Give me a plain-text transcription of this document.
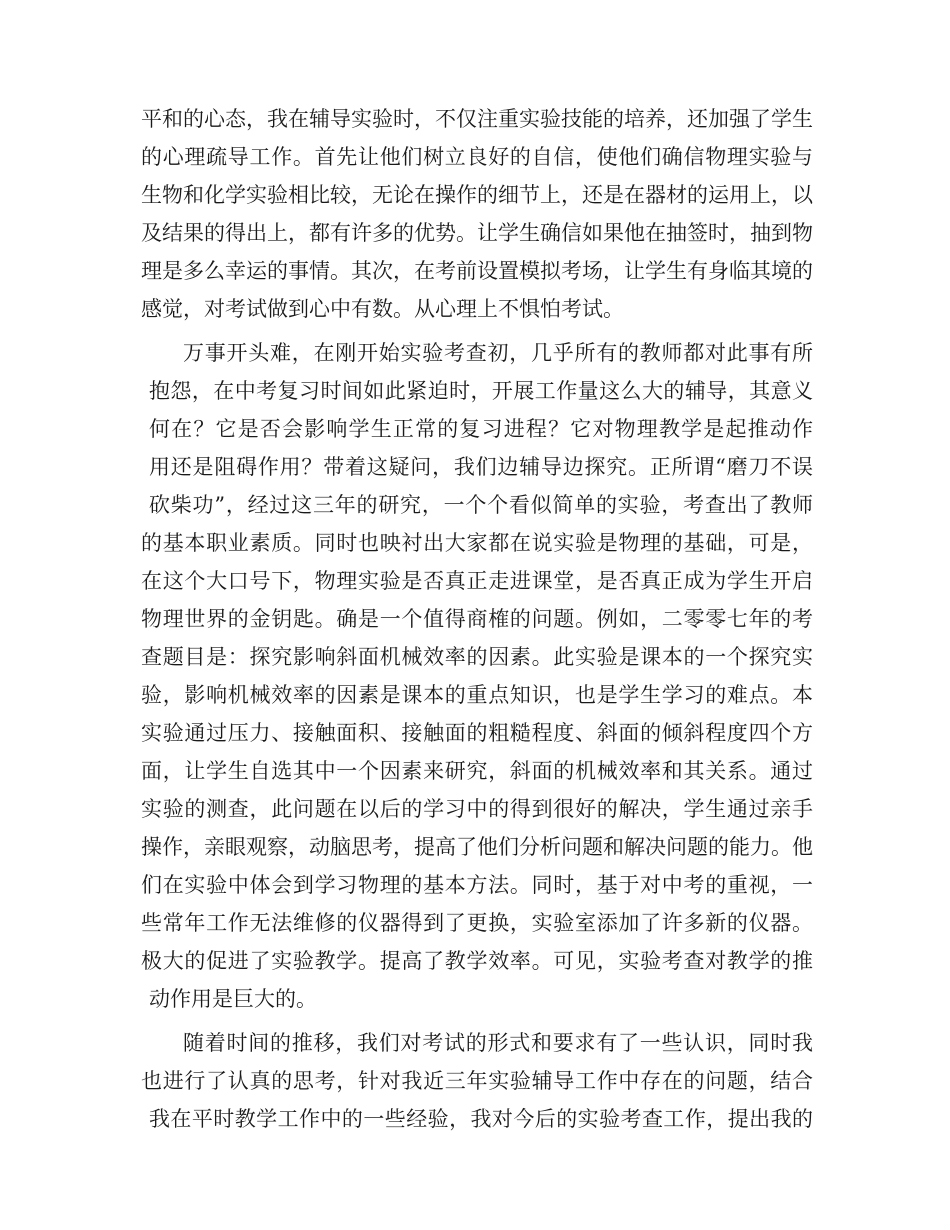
平和的心态，我在辅导实验时，不仅注重实验技能的培养，还加强了学生
的心理疏导工作。首先让他们树立良好的自信，使他们确信物理实验与
生物和化学实验相比较，无论在操作的细节上，还是在器材的运用上，以
及结果的得出上，都有许多的优势。让学生确信如果他在抽签时，抽到物
理是多么幸运的事情。其次，在考前设置模拟考场，让学生有身临其境的
感觉，对考试做到心中有数。从心理上不惧怕考试。
万事开头难，在刚开始实验考查初，几乎所有的教师都对此事有所
抱怨，在中考复习时间如此紧迫时，开展工作量这么大的辅导，其意义
何在？它是否会影响学生正常的复习进程？它对物理教学是起推动作
用还是阻碍作用？带着这疑问，我们边辅导边探究。正所谓“磨刀不误
砍柴功”，经过这三年的研究，一个个看似简单的实验，考查出了教师
的基本职业素质。同时也映衬出大家都在说实验是物理的基础，可是，
在这个大口号下，物理实验是否真正走进课堂，是否真正成为学生开启
物理世界的金钥匙。确是一个值得商榷的问题。例如，二零零七年的考
查题目是：探究影响斜面机械效率的因素。此实验是课本的一个探究实
验，影响机械效率的因素是课本的重点知识，也是学生学习的难点。本
实验通过压力、接触面积、接触面的粗糙程度、斜面的倾斜程度四个方
面，让学生自选其中一个因素来研究，斜面的机械效率和其关系。通过
实验的测查，此问题在以后的学习中的得到很好的解决，学生通过亲手
操作，亲眼观察，动脑思考，提高了他们分析问题和解决问题的能力。他
们在实验中体会到学习物理的基本方法。同时，基于对中考的重视，一
些常年工作无法维修的仪器得到了更换，实验室添加了许多新的仪器。
极大的促进了实验教学。提高了教学效率。可见，实验考查对教学的推
动作用是巨大的。
随着时间的推移，我们对考试的形式和要求有了一些认识，同时我
也进行了认真的思考，针对我近三年实验辅导工作中存在的问题，结合
我在平时教学工作中的一些经验，我对今后的实验考查工作，提出我的
